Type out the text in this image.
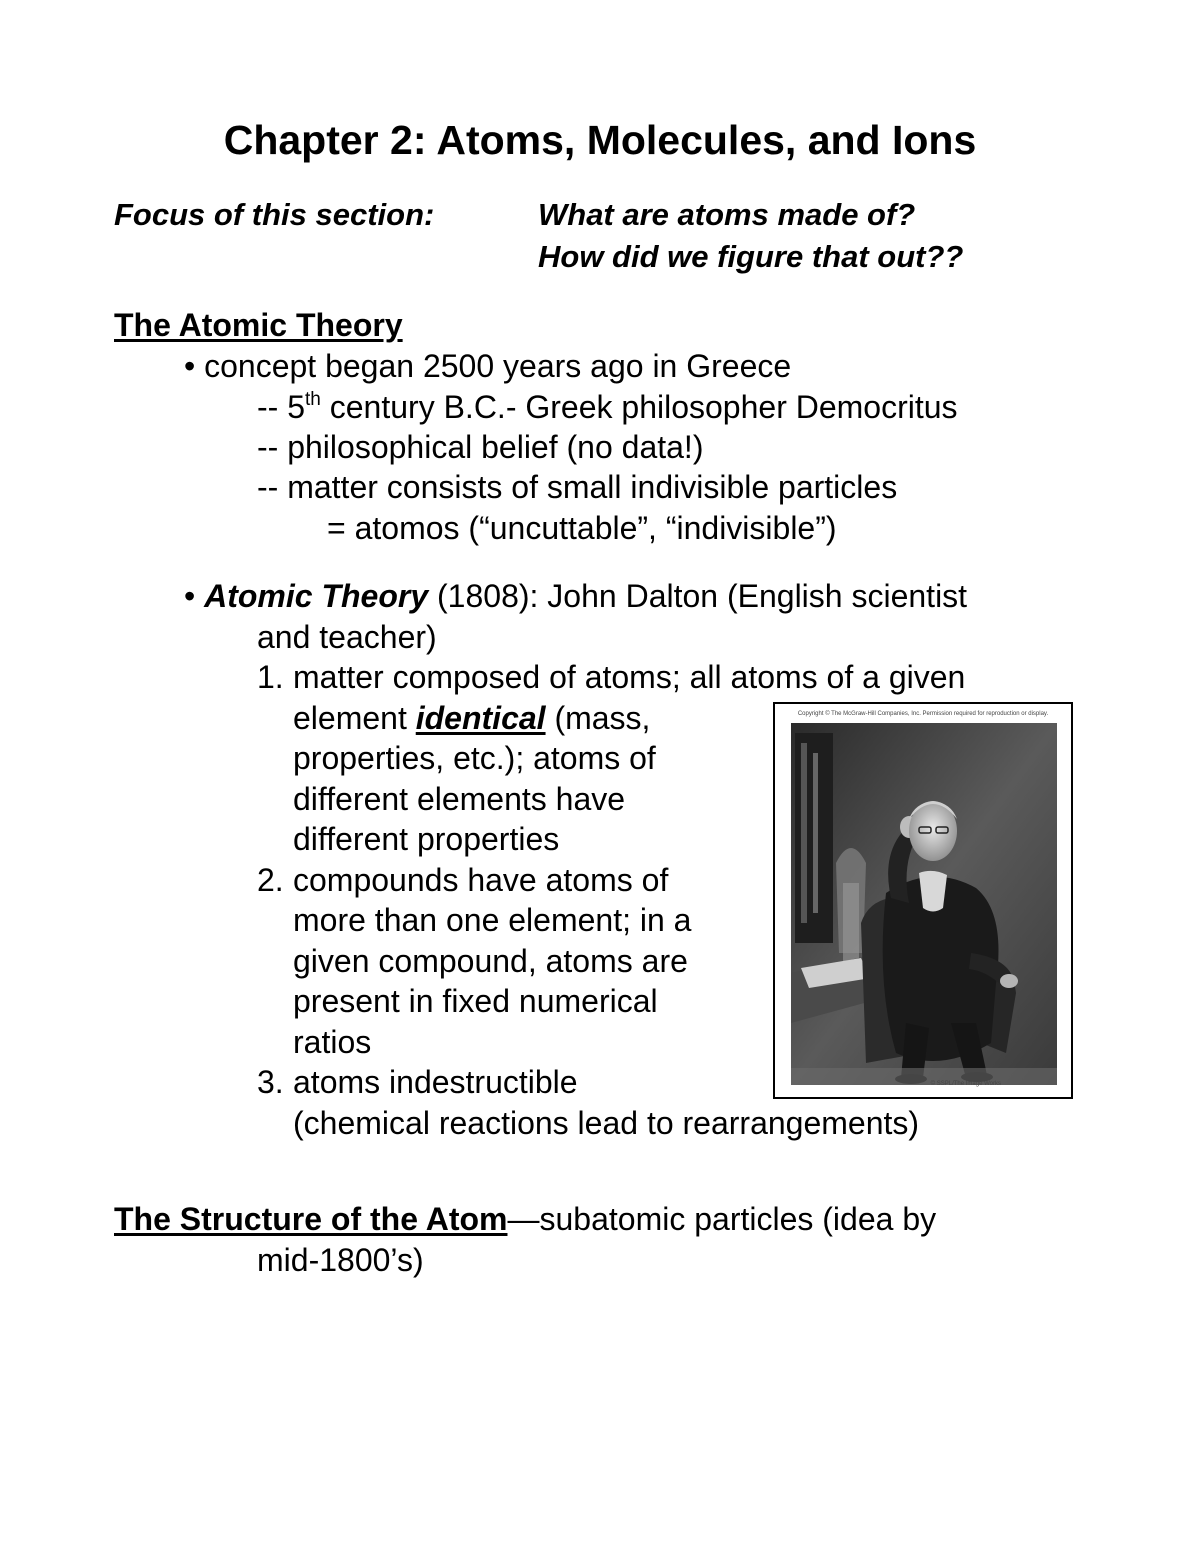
Chapter 2: Atoms, Molecules, and Ions
Focus of this section:	What are atoms made of?
How did we figure that out??
The Atomic Theory
• concept began 2500 years ago in Greece
-- 5th century B.C.- Greek philosopher Democritus
-- philosophical belief (no data!)
-- matter consists of small indivisible particles
= atomos (“uncuttable”, “indivisible”)
• Atomic Theory (1808): John Dalton (English scientist
and teacher)
1. matter composed of atoms; all atoms of a given
element identical (mass,
properties, etc.); atoms of
different elements have
different properties
2. compounds have atoms of
more than one element; in a
given compound, atoms are
present in fixed numerical
ratios
3. atoms indestructible
(chemical reactions lead to rearrangements)
Copyright © The McGraw-Hill Companies, Inc. Permission required for reproduction or display.
© SSPL/The Image Works
The Structure of the Atom—subatomic particles (idea by
mid-1800’s)
